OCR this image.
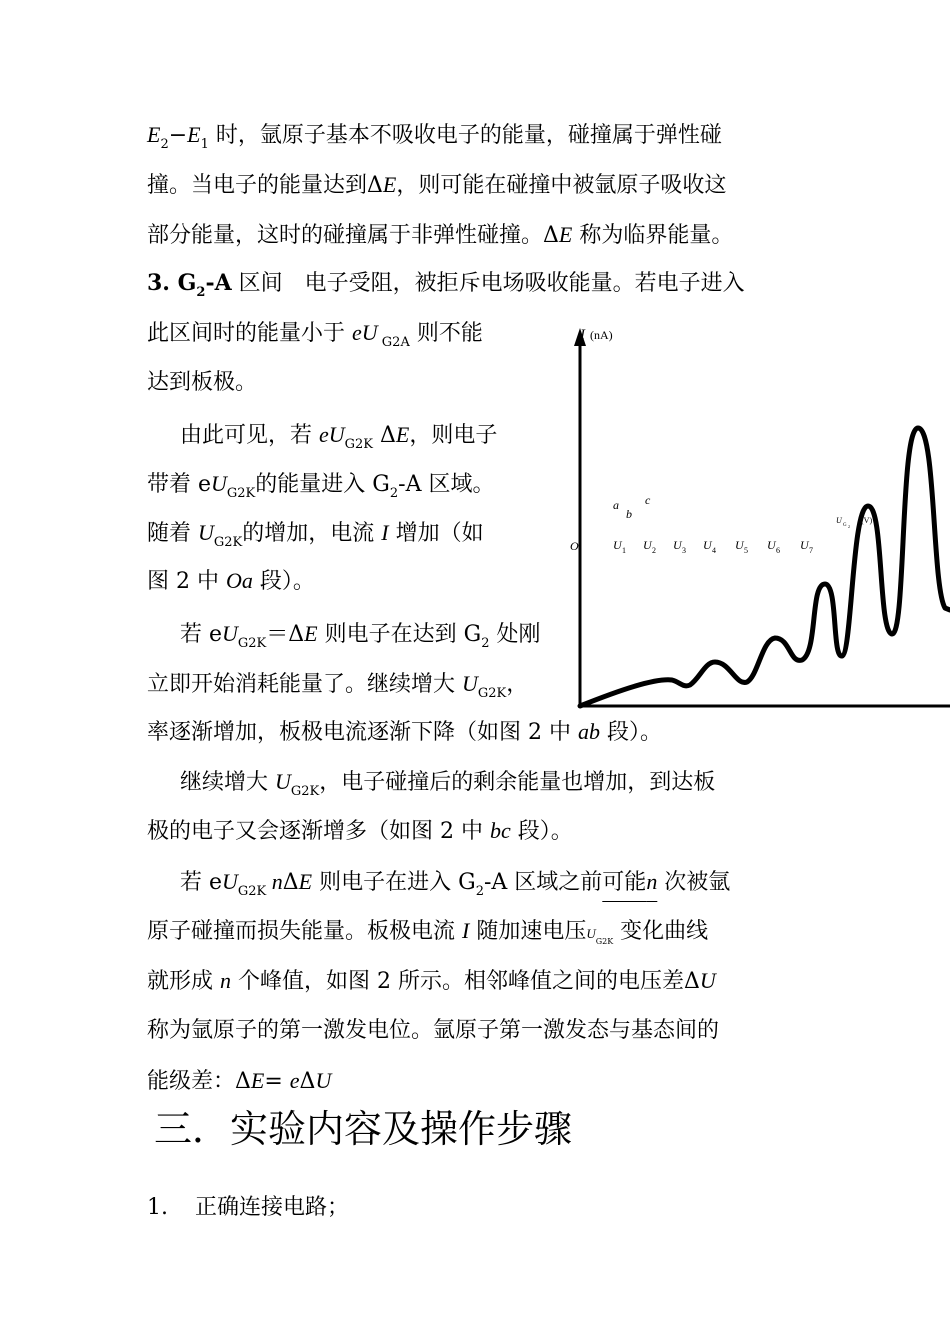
$E_2-E_1$ 时，氩原子基本不吸收电子的能量，碰撞属于弹性碰
撞。当电子的能量达到ΔE，则可能在碰撞中被氩原子吸收这
部分能量，这时的碰撞属于非弹性碰撞。ΔE 称为临界能量。
3. $G_2-A$ 区间　电子受阻，被拒斥电场吸收能量。若电子进入
此区间时的能量小于 eU $_{G2A}$ 则不能
达到板极。
由此可见，若 $eU_{G2K}$ ΔE，则电子
带着 $eU_{G2K}$的能量进入 $G_2-A$ 区域。
随着 $U_{G2K}$的增加，电流 I 增加（如
图 2 中 Oa 段）。
若 $eU_{G2K}=\Delta E$ 则电子在达到 $G_2$ 处刚
立即开始消耗能量了。继续增大 $U_{G2K}$，
I (nA)
O
a
b
c
U 1 U 2 U 3 U 4 U 5 U 6 U 7
U
G 2
(V)
率逐渐增加，板极电流逐渐下降（如图 2 中 ab 段）。
继续增大 $U_{G2K}$，电子碰撞后的剩余能量也增加，到达板
极的电子又会逐渐增多（如图 2 中 bc 段）。
若 $eU_{G2K}$ nΔE 则电子在进入 $G_2-A$ 区域之前可能n 次被氩
原子碰撞而损失能量。板极电流 I 随加速电压$U_{G2K}$ 变化曲线
就形成 n 个峰值，如图 2 所示。相邻峰值之间的电压差ΔU
称为氩原子的第一激发电位。氩原子第一激发态与基态间的
能级差：ΔE= eΔU
三．实验内容及操作步骤
1. 正确连接电路；
